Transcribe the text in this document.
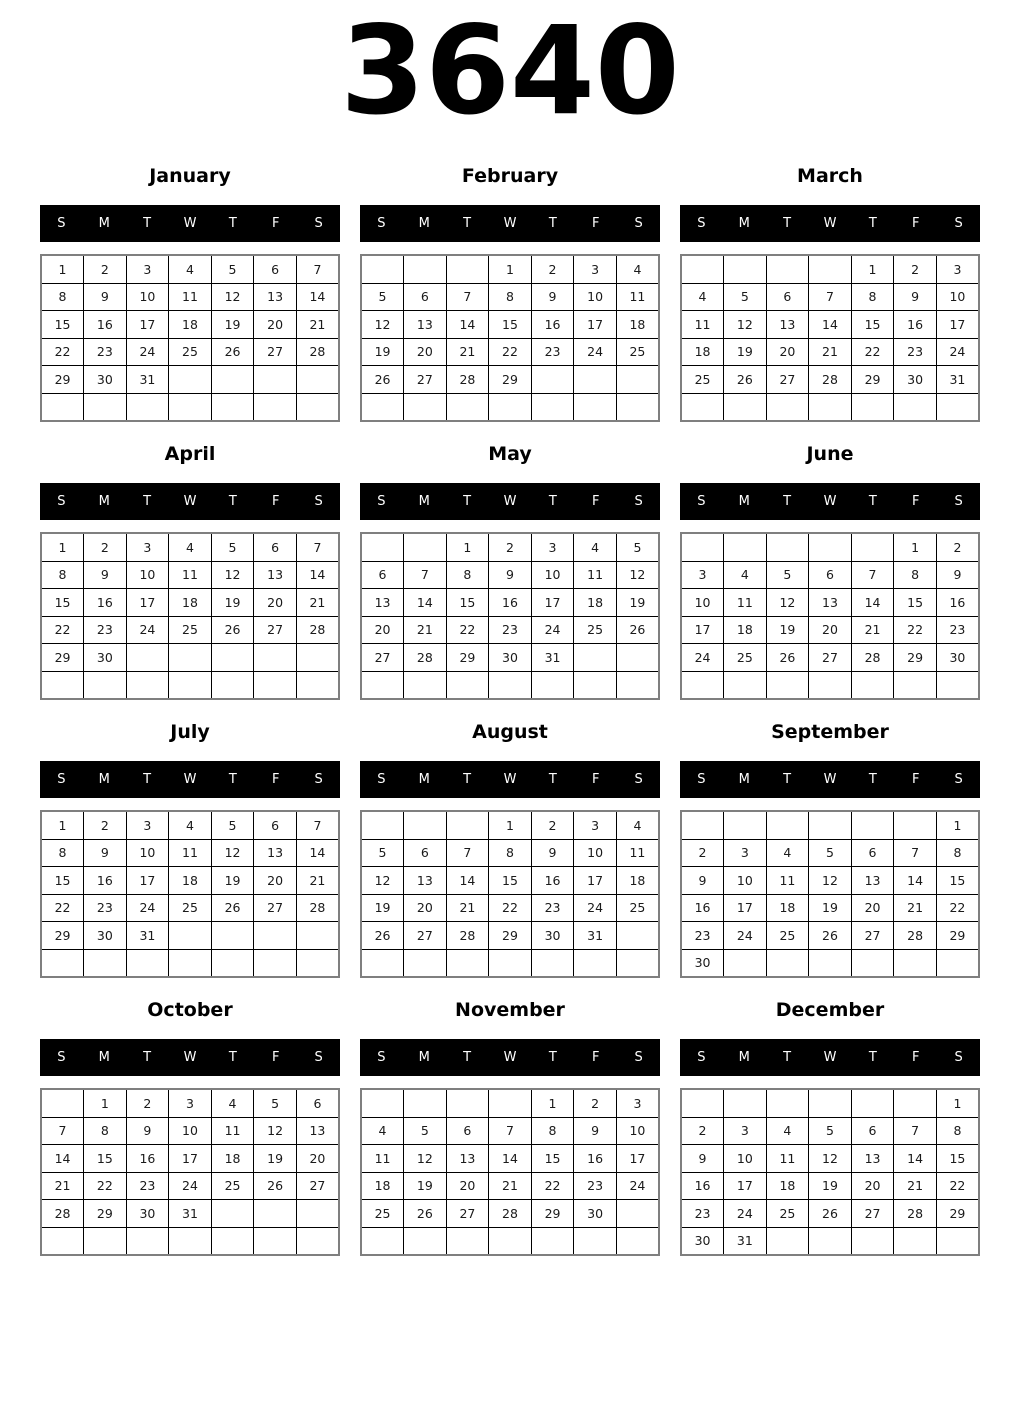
3640
January
S	M	T	W	T	F	S
1	2	3	4	5	6	7
8	9	10	11	12	13	14
15	16	17	18	19	20	21
22	23	24	25	26	27	28
29	30	31				

February
S	M	T	W	T	F	S
			1	2	3	4
5	6	7	8	9	10	11
12	13	14	15	16	17	18
19	20	21	22	23	24	25
26	27	28	29			

March
S	M	T	W	T	F	S
				1	2	3
4	5	6	7	8	9	10
11	12	13	14	15	16	17
18	19	20	21	22	23	24
25	26	27	28	29	30	31

April
S	M	T	W	T	F	S
1	2	3	4	5	6	7
8	9	10	11	12	13	14
15	16	17	18	19	20	21
22	23	24	25	26	27	28
29	30					

May
S	M	T	W	T	F	S
		1	2	3	4	5
6	7	8	9	10	11	12
13	14	15	16	17	18	19
20	21	22	23	24	25	26
27	28	29	30	31		

June
S	M	T	W	T	F	S
					1	2
3	4	5	6	7	8	9
10	11	12	13	14	15	16
17	18	19	20	21	22	23
24	25	26	27	28	29	30

July
S	M	T	W	T	F	S
1	2	3	4	5	6	7
8	9	10	11	12	13	14
15	16	17	18	19	20	21
22	23	24	25	26	27	28
29	30	31				

August
S	M	T	W	T	F	S
			1	2	3	4
5	6	7	8	9	10	11
12	13	14	15	16	17	18
19	20	21	22	23	24	25
26	27	28	29	30	31	

September
S	M	T	W	T	F	S
						1
2	3	4	5	6	7	8
9	10	11	12	13	14	15
16	17	18	19	20	21	22
23	24	25	26	27	28	29
30						
October
S	M	T	W	T	F	S
	1	2	3	4	5	6
7	8	9	10	11	12	13
14	15	16	17	18	19	20
21	22	23	24	25	26	27
28	29	30	31			

November
S	M	T	W	T	F	S
				1	2	3
4	5	6	7	8	9	10
11	12	13	14	15	16	17
18	19	20	21	22	23	24
25	26	27	28	29	30	

December
S	M	T	W	T	F	S
						1
2	3	4	5	6	7	8
9	10	11	12	13	14	15
16	17	18	19	20	21	22
23	24	25	26	27	28	29
30	31					
